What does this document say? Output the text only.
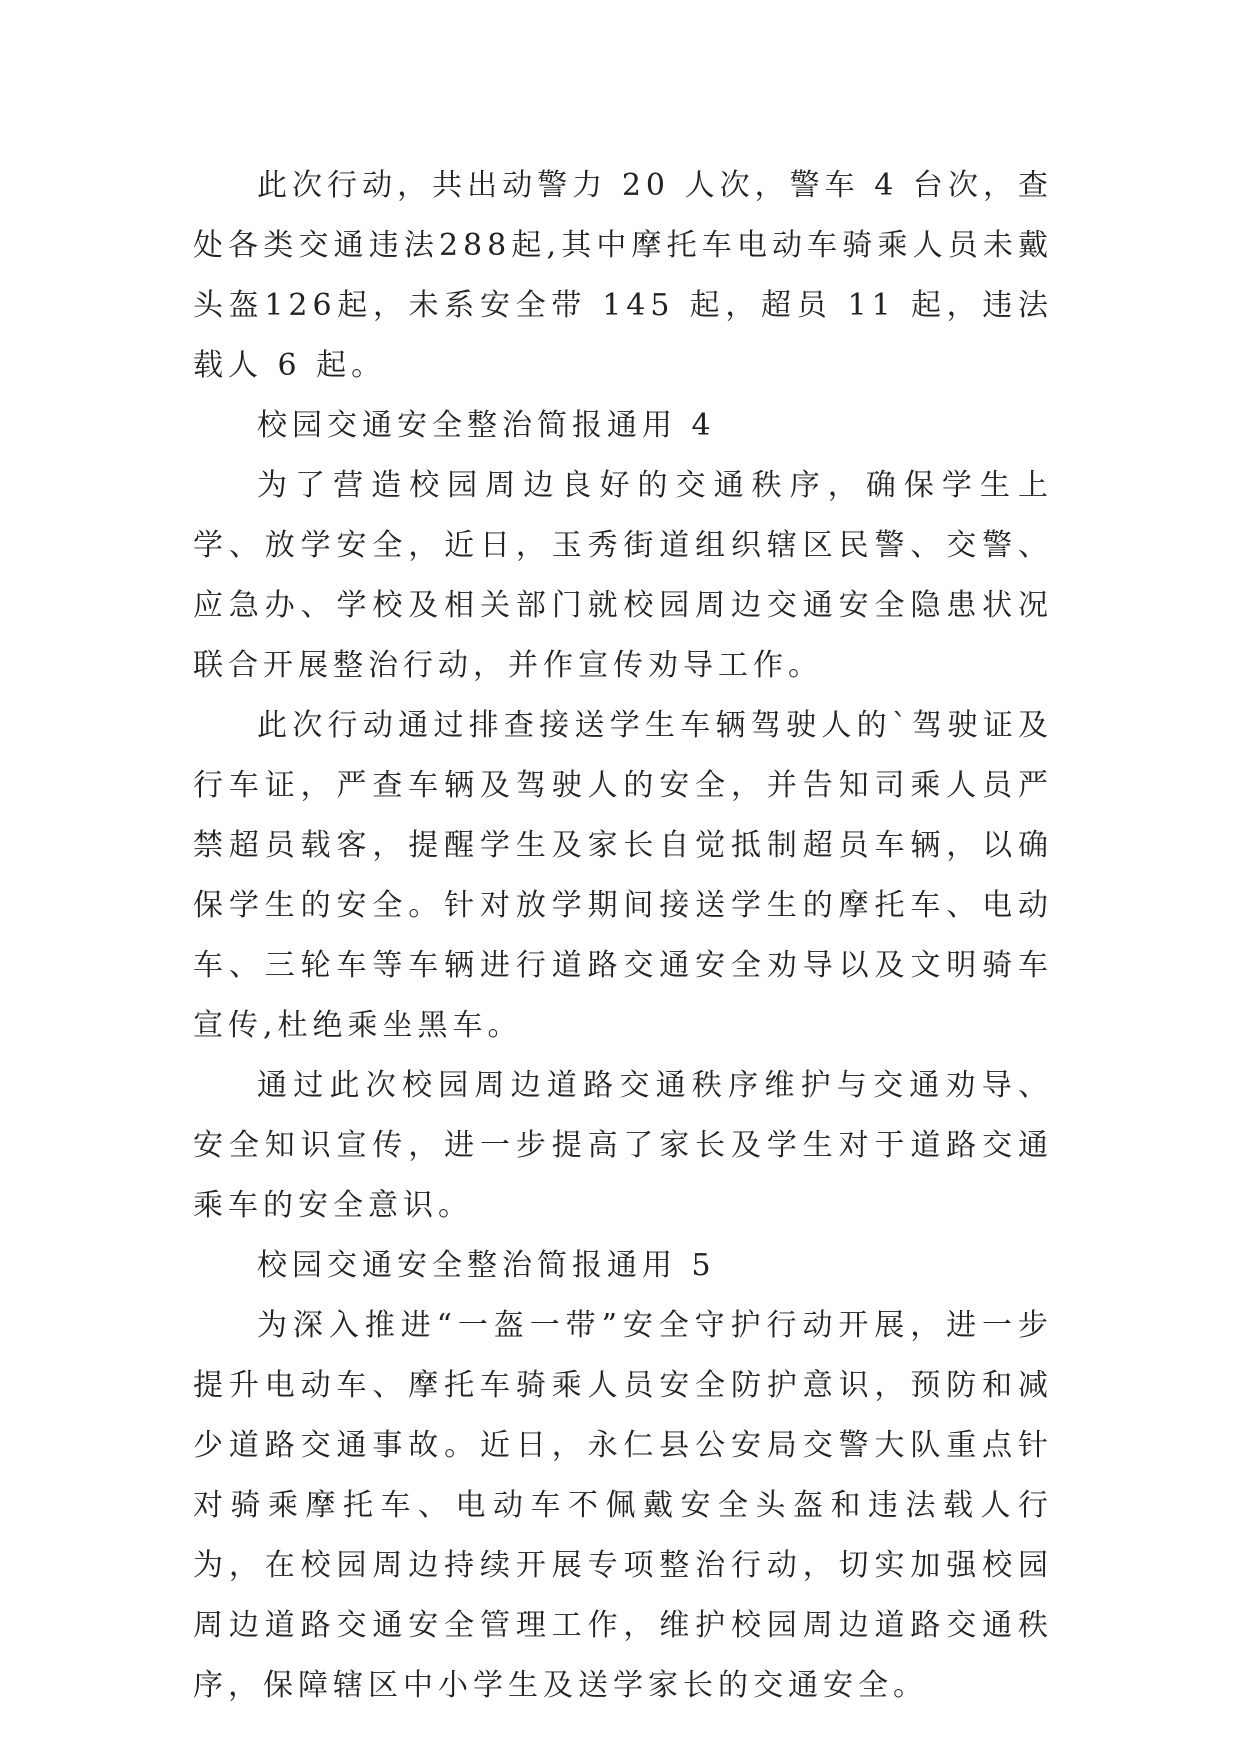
此次行动，共出动警力 20 人次，警车 4 台次，查处各类交通违法288起,其中摩托车电动车骑乘人员未戴头盔126起，未系安全带 145 起，超员 11 起，违法载人 6 起。

校园交通安全整治简报通用 4

为了营造校园周边良好的交通秩序，确保学生上学、放学安全，近日，玉秀街道组织辖区民警、交警、应急办、学校及相关部门就校园周边交通安全隐患状况联合开展整治行动，并作宣传劝导工作。

此次行动通过排查接送学生车辆驾驶人的`驾驶证及行车证，严查车辆及驾驶人的安全，并告知司乘人员严禁超员载客，提醒学生及家长自觉抵制超员车辆，以确保学生的安全。针对放学期间接送学生的摩托车、电动车、三轮车等车辆进行道路交通安全劝导以及文明骑车宣传,杜绝乘坐黑车。

通过此次校园周边道路交通秩序维护与交通劝导、安全知识宣传，进一步提高了家长及学生对于道路交通乘车的安全意识。

校园交通安全整治简报通用 5

为深入推进“一盔一带”安全守护行动开展，进一步提升电动车、摩托车骑乘人员安全防护意识，预防和减少道路交通事故。近日，永仁县公安局交警大队重点针对骑乘摩托车、电动车不佩戴安全头盔和违法载人行为，在校园周边持续开展专项整治行动，切实加强校园周边道路交通安全管理工作，维护校园周边道路交通秩序，保障辖区中小学生及送学家长的交通安全。
